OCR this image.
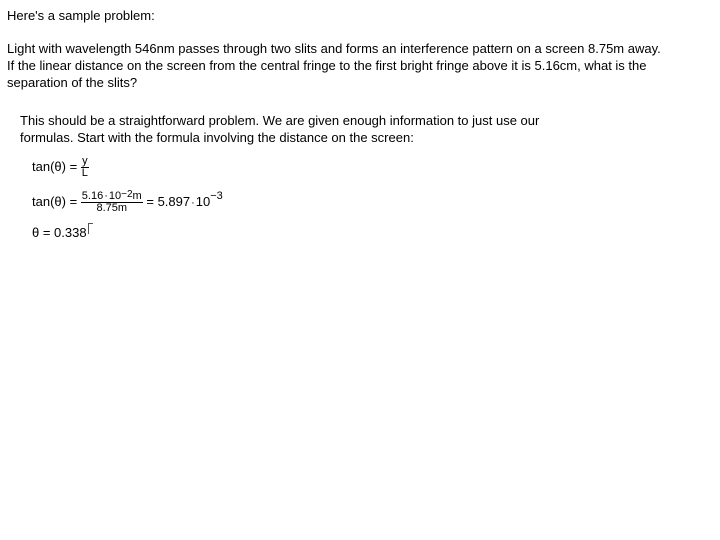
Here's a sample problem:
Light with wavelength 546nm passes through two slits and forms an interference pattern on a screen 8.75m away.
If the linear distance on the screen from the central fringe to the first bright fringe above it is 5.16cm, what is the
separation of the slits?
This should be a straightforward problem. We are given enough information to just use our
formulas. Start with the formula involving the distance on the screen:
$\tan(\theta) = \frac{y}{L}$
$\tan(\theta) = \frac{5.16\cdot 10^{-2}m}{8.75m} = 5.897\cdot 10^{-3}$
θ = 0.338
